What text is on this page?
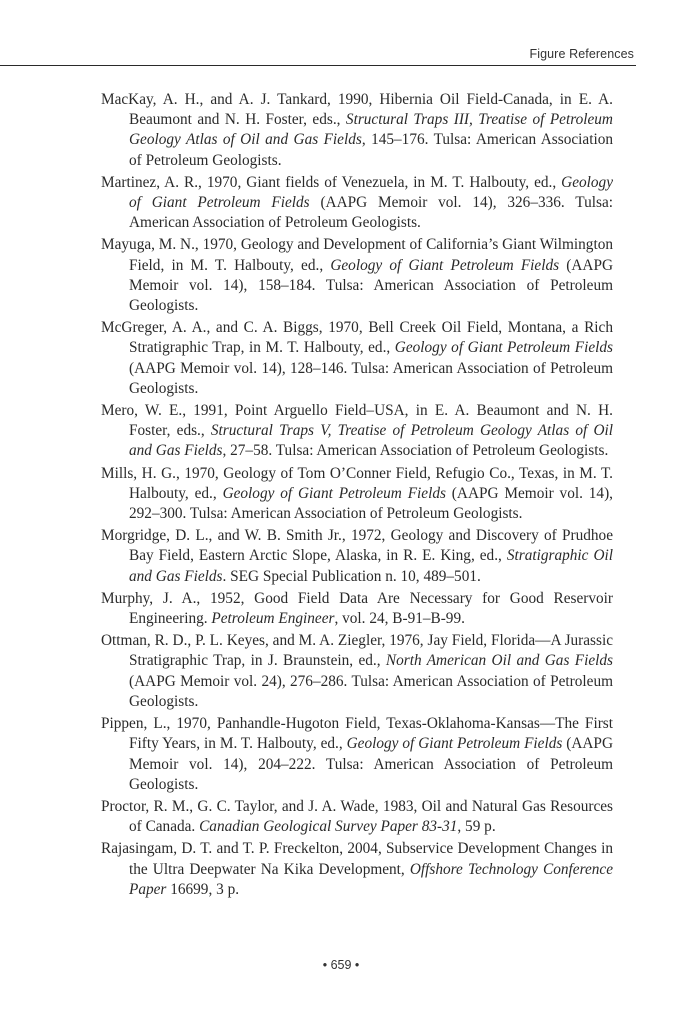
Figure References
MacKay, A. H., and A. J. Tankard, 1990, Hibernia Oil Field-Canada, in E. A. Beaumont and N. H. Foster, eds., Structural Traps III, Treatise of Petroleum Geology Atlas of Oil and Gas Fields, 145–176. Tulsa: American Association of Petroleum Geologists.
Martinez, A. R., 1970, Giant fields of Venezuela, in M. T. Halbouty, ed., Geology of Giant Petroleum Fields (AAPG Memoir vol. 14), 326–336. Tulsa: American Association of Petroleum Geologists.
Mayuga, M. N., 1970, Geology and Development of California’s Giant Wilmington Field, in M. T. Halbouty, ed., Geology of Giant Petroleum Fields (AAPG Memoir vol. 14), 158–184. Tulsa: American Association of Petroleum Geologists.
McGreger, A. A., and C. A. Biggs, 1970, Bell Creek Oil Field, Montana, a Rich Stratigraphic Trap, in M. T. Halbouty, ed., Geology of Giant Petroleum Fields (AAPG Memoir vol. 14), 128–146. Tulsa: American Association of Petroleum Geologists.
Mero, W. E., 1991, Point Arguello Field–USA, in E. A. Beaumont and N. H. Foster, eds., Structural Traps V, Treatise of Petroleum Geology Atlas of Oil and Gas Fields, 27–58. Tulsa: American Association of Petroleum Geologists.
Mills, H. G., 1970, Geology of Tom O’Conner Field, Refugio Co., Texas, in M. T. Halbouty, ed., Geology of Giant Petroleum Fields (AAPG Memoir vol. 14), 292–300. Tulsa: American Association of Petroleum Geologists.
Morgridge, D. L., and W. B. Smith Jr., 1972, Geology and Discovery of Prudhoe Bay Field, Eastern Arctic Slope, Alaska, in R. E. King, ed., Stratigraphic Oil and Gas Fields. SEG Special Publication n. 10, 489–501.
Murphy, J. A., 1952, Good Field Data Are Necessary for Good Reservoir Engineering. Petroleum Engineer, vol. 24, B-91–B-99.
Ottman, R. D., P. L. Keyes, and M. A. Ziegler, 1976, Jay Field, Florida—A Jurassic Stratigraphic Trap, in J. Braunstein, ed., North American Oil and Gas Fields (AAPG Memoir vol. 24), 276–286. Tulsa: American Association of Petroleum Geologists.
Pippen, L., 1970, Panhandle-Hugoton Field, Texas-Oklahoma-Kansas—The First Fifty Years, in M. T. Halbouty, ed., Geology of Giant Petroleum Fields (AAPG Memoir vol. 14), 204–222. Tulsa: American Association of Petroleum Geologists.
Proctor, R. M., G. C. Taylor, and J. A. Wade, 1983, Oil and Natural Gas Resources of Canada. Canadian Geological Survey Paper 83-31, 59 p.
Rajasingam, D. T. and T. P. Freckelton, 2004, Subservice Development Changes in the Ultra Deepwater Na Kika Development, Offshore Technology Conference Paper 16699, 3 p.
• 659 •
